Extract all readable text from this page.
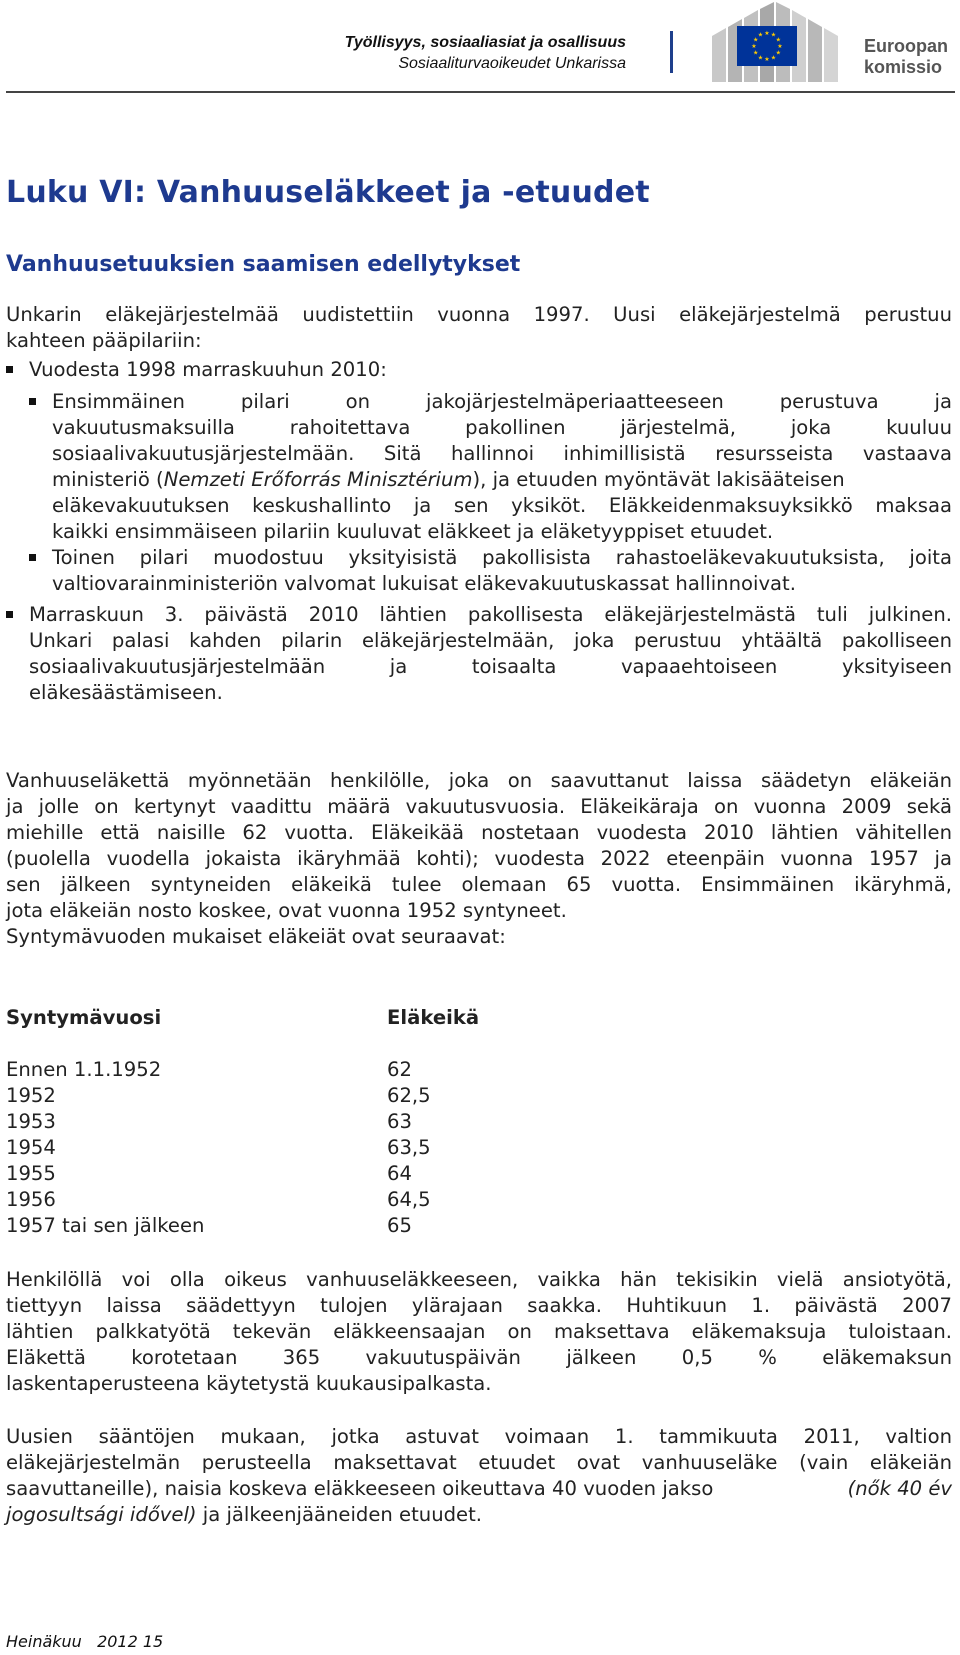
Työllisyys, sosiaaliasiat ja osallisuus
Sosiaaliturvaoikeudet Unkarissa
★ ★
★
★
★
★
★
★
★
★
★
★
Euroopan
komissio
Luku VI: Vanhuuseläkkeet ja -etuudet
Vanhuusetuuksien saamisen edellytykset
Unkarin eläkejärjestelmää uudistettiin vuonna 1997. Uusi eläkejärjestelmä perustuu
kahteen pääpilariin:
Vuodesta 1998 marraskuuhun 2010:
Ensimmäinen pilari on jakojärjestelmäperiaatteeseen perustuva ja
vakuutusmaksuilla rahoitettava pakollinen järjestelmä, joka kuuluu
sosiaalivakuutusjärjestelmään. Sitä hallinnoi inhimillisistä resursseista vastaava
ministeriö (Nemzeti Erőforrás Minisztérium), ja etuuden myöntävät lakisääteisen
eläkevakuutuksen keskushallinto ja sen yksiköt. Eläkkeidenmaksuyksikkö maksaa
kaikki ensimmäiseen pilariin kuuluvat eläkkeet ja eläketyyppiset etuudet.
Toinen pilari muodostuu yksityisistä pakollisista rahastoeläkevakuutuksista, joita
valtiovarainministeriön valvomat lukuisat eläkevakuutuskassat hallinnoivat.
Marraskuun 3. päivästä 2010 lähtien pakollisesta eläkejärjestelmästä tuli julkinen.
Unkari palasi kahden pilarin eläkejärjestelmään, joka perustuu yhtäältä pakolliseen
sosiaalivakuutusjärjestelmään ja toisaalta vapaaehtoiseen yksityiseen
eläkesäästämiseen.
Vanhuuseläkettä myönnetään henkilölle, joka on saavuttanut laissa säädetyn eläkeiän
ja jolle on kertynyt vaadittu määrä vakuutusvuosia. Eläkeikäraja on vuonna 2009 sekä
miehille että naisille 62 vuotta. Eläkeikää nostetaan vuodesta 2010 lähtien vähitellen
(puolella vuodella jokaista ikäryhmää kohti); vuodesta 2022 eteenpäin vuonna 1957 ja
sen jälkeen syntyneiden eläkeikä tulee olemaan 65 vuotta. Ensimmäinen ikäryhmä,
jota eläkeiän nosto koskee, ovat vuonna 1952 syntyneet.
Syntymävuoden mukaiset eläkeiät ovat seuraavat:
Syntymävuosi	Eläkeikä
Ennen 1.1.1952	62
1952	62,5
1953	63
1954	63,5
1955	64
1956	64,5
1957 tai sen jälkeen	65
Henkilöllä voi olla oikeus vanhuuseläkkeeseen, vaikka hän tekisikin vielä ansiotyötä,
tiettyyn laissa säädettyyn tulojen ylärajaan saakka. Huhtikuun 1. päivästä 2007
lähtien palkkatyötä tekevän eläkkeensaajan on maksettava eläkemaksuja tuloistaan.
Eläkettä korotetaan 365 vakuutuspäivän jälkeen 0,5 % eläkemaksun
laskentaperusteena käytetystä kuukausipalkasta.
Uusien sääntöjen mukaan, jotka astuvat voimaan 1. tammikuuta 2011, valtion
eläkejärjestelmän perusteella maksettavat etuudet ovat vanhuuseläke (vain eläkeiän
saavuttaneille), naisia koskeva eläkkeeseen oikeuttava 40 vuoden jakso	(nők 40 év
jogosultsági idővel) ja jälkeenjääneiden etuudet.
Heinäkuu   2012 15
